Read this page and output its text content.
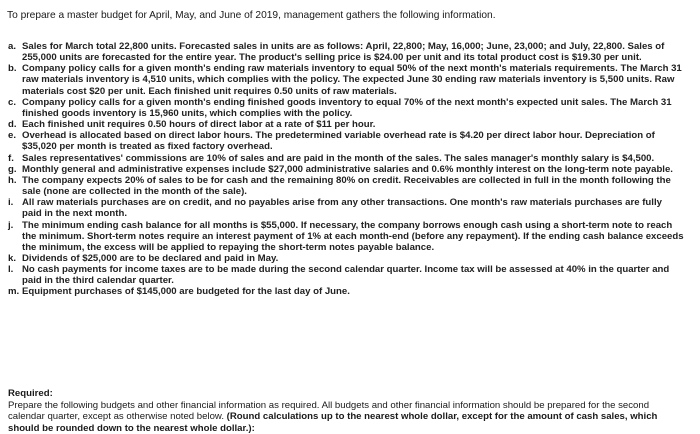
To prepare a master budget for April, May, and June of 2019, management gathers the following information.
a. Sales for March total 22,800 units. Forecasted sales in units are as follows: April, 22,800; May, 16,000; June, 23,000; and July, 22,800. Sales of 255,000 units are forecasted for the entire year. The product's selling price is $24.00 per unit and its total product cost is $19.30 per unit.
b. Company policy calls for a given month's ending raw materials inventory to equal 50% of the next month's materials requirements. The March 31 raw materials inventory is 4,510 units, which complies with the policy. The expected June 30 ending raw materials inventory is 5,500 units. Raw materials cost $20 per unit. Each finished unit requires 0.50 units of raw materials.
c. Company policy calls for a given month's ending finished goods inventory to equal 70% of the next month's expected unit sales. The March 31 finished goods inventory is 15,960 units, which complies with the policy.
d. Each finished unit requires 0.50 hours of direct labor at a rate of $11 per hour.
e. Overhead is allocated based on direct labor hours. The predetermined variable overhead rate is $4.20 per direct labor hour. Depreciation of $35,020 per month is treated as fixed factory overhead.
f. Sales representatives' commissions are 10% of sales and are paid in the month of the sales. The sales manager's monthly salary is $4,500.
g. Monthly general and administrative expenses include $27,000 administrative salaries and 0.6% monthly interest on the long-term note payable.
h. The company expects 20% of sales to be for cash and the remaining 80% on credit. Receivables are collected in full in the month following the sale (none are collected in the month of the sale).
i. All raw materials purchases are on credit, and no payables arise from any other transactions. One month's raw materials purchases are fully paid in the next month.
j. The minimum ending cash balance for all months is $55,000. If necessary, the company borrows enough cash using a short-term note to reach the minimum. Short-term notes require an interest payment of 1% at each month-end (before any repayment). If the ending cash balance exceeds the minimum, the excess will be applied to repaying the short-term notes payable balance.
k. Dividends of $25,000 are to be declared and paid in May.
l. No cash payments for income taxes are to be made during the second calendar quarter. Income tax will be assessed at 40% in the quarter and paid in the third calendar quarter.
m. Equipment purchases of $145,000 are budgeted for the last day of June.
Required:
Prepare the following budgets and other financial information as required. All budgets and other financial information should be prepared for the second calendar quarter, except as otherwise noted below. (Round calculations up to the nearest whole dollar, except for the amount of cash sales, which should be rounded down to the nearest whole dollar.):
